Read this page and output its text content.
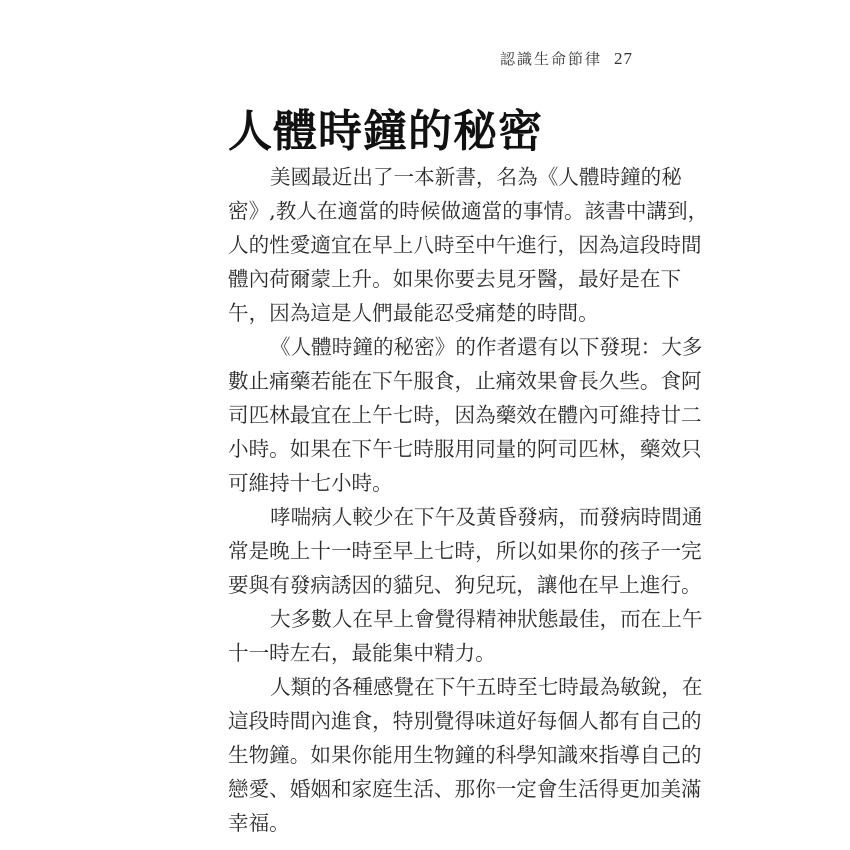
認識生命節律 27
人體時鐘的秘密
美國最近出了一本新書，名為《人體時鐘的秘
密》,教人在適當的時候做適當的事情。該書中講到，
人的性愛適宜在早上八時至中午進行，因為這段時間
體內荷爾蒙上升。如果你要去見牙醫，最好是在下
午，因為這是人們最能忍受痛楚的時間。
《人體時鐘的秘密》的作者還有以下發現：大多
數止痛藥若能在下午服食，止痛效果會長久些。食阿
司匹林最宜在上午七時，因為藥效在體內可維持廿二
小時。如果在下午七時服用同量的阿司匹林，藥效只
可維持十七小時。
哮喘病人較少在下午及黃昏發病，而發病時間通
常是晚上十一時至早上七時，所以如果你的孩子一完
要與有發病誘因的貓兒、狗兒玩，讓他在早上進行。
大多數人在早上會覺得精神狀態最佳，而在上午
十一時左右，最能集中精力。
人類的各種感覺在下午五時至七時最為敏銳，在
這段時間內進食，特別覺得味道好每個人都有自己的
生物鐘。如果你能用生物鐘的科學知識來指導自己的
戀愛、婚姻和家庭生活、那你一定會生活得更加美滿
幸福。
